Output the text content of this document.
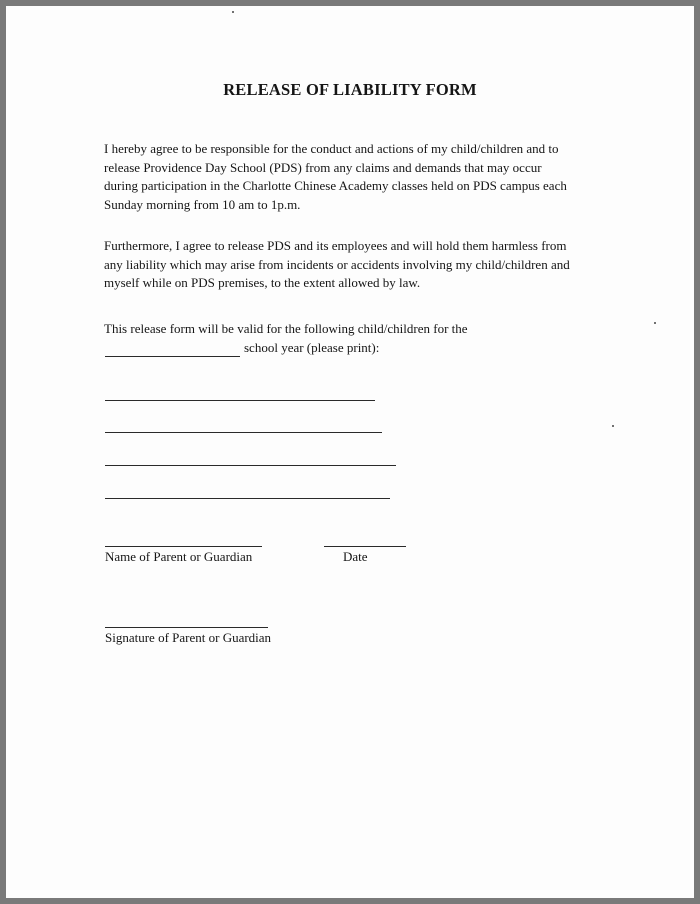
RELEASE OF LIABILITY FORM
I hereby agree to be responsible for the conduct and actions of my child/children and to
release Providence Day School (PDS) from any claims and demands that may occur
during participation in the Charlotte Chinese Academy classes held on PDS campus each
Sunday morning from 10 am to 1p.m.
Furthermore, I agree to release PDS and its employees and will hold them harmless from
any liability which may arise from incidents or accidents involving my child/children and
myself while on PDS premises, to the extent allowed by law.
This release form will be valid for the following child/children for the
school year (please print):
Name of Parent or Guardian	Date
Signature of Parent or Guardian
